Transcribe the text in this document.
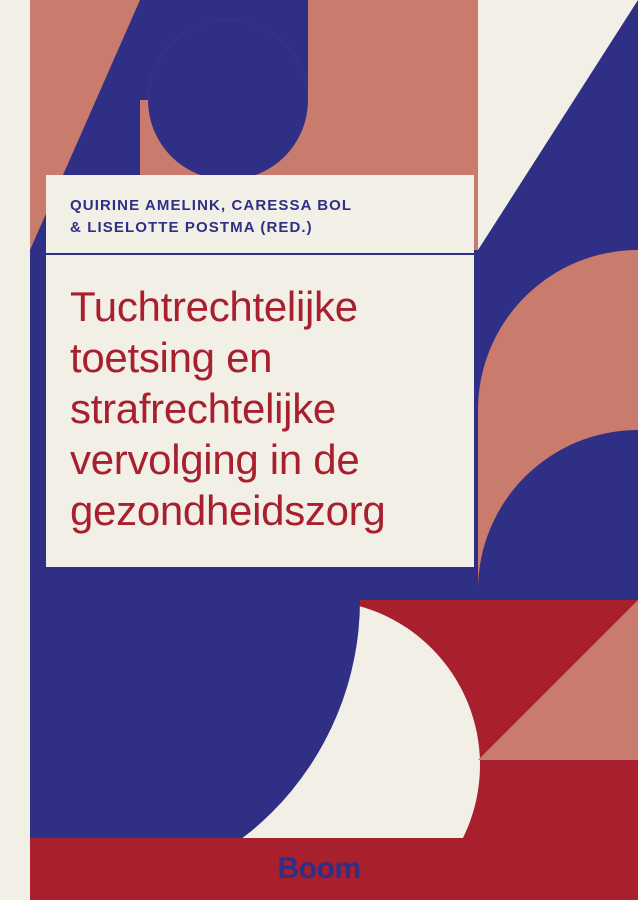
QUIRINE AMELINK, CARESSA BOL
& LISELOTTE POSTMA (RED.)
Tuchtrechtelijke
toetsing en
strafrechtelijke
vervolging in de
gezondheidszorg
Boom
